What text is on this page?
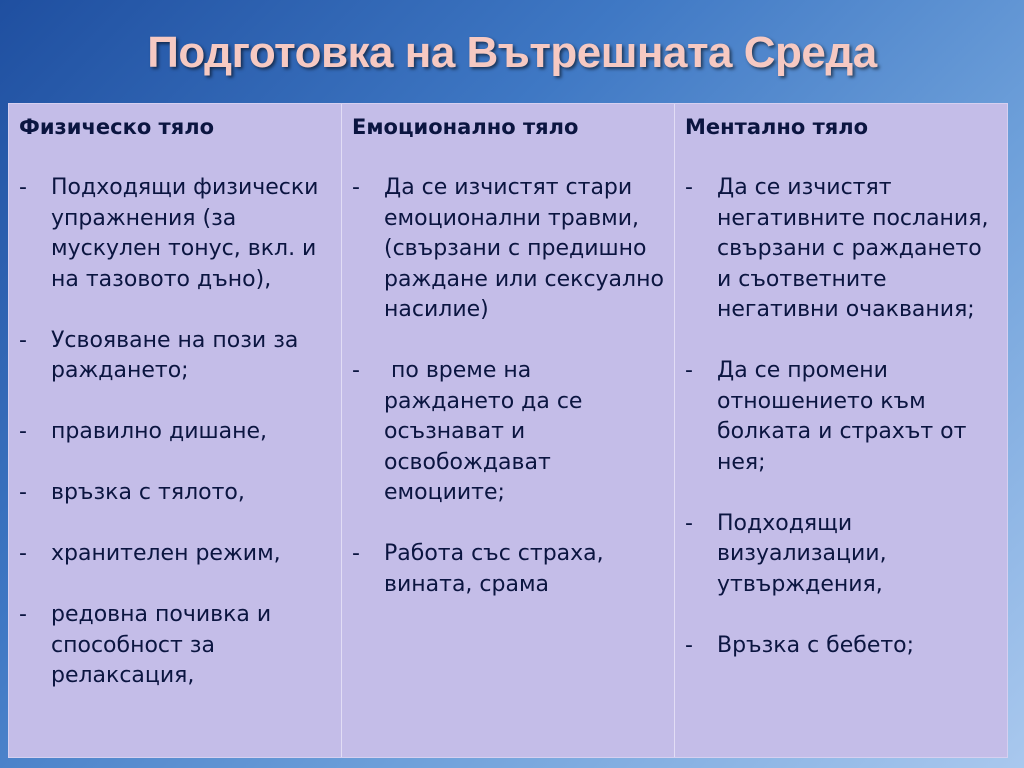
Подготовка на Вътрешната Среда
Физическо тяло
- Подходящи физически упражнения (за мускулен тонус, вкл. и на тазовото дъно),
- Усвояване на пози за раждането;
- правилно дишане,
- връзка с тялото,
- хранителен режим,
- редовна почивка и способност за релаксация,
Емоционално тяло
- Да се изчистят стари емоционални травми, (свързани с предишно раждане или сексуално насилие)
- по време на раждането да се осъзнават и освобождават емоциите;
- Работа със страха, вината, срама
Ментално тяло
- Да се изчистят негативните послания, свързани с раждането и съответните негативни очаквания;
- Да се промени отношението към болката и страхът от нея;
- Подходящи визуализации, утвърждения,
- Връзка с бебето;
